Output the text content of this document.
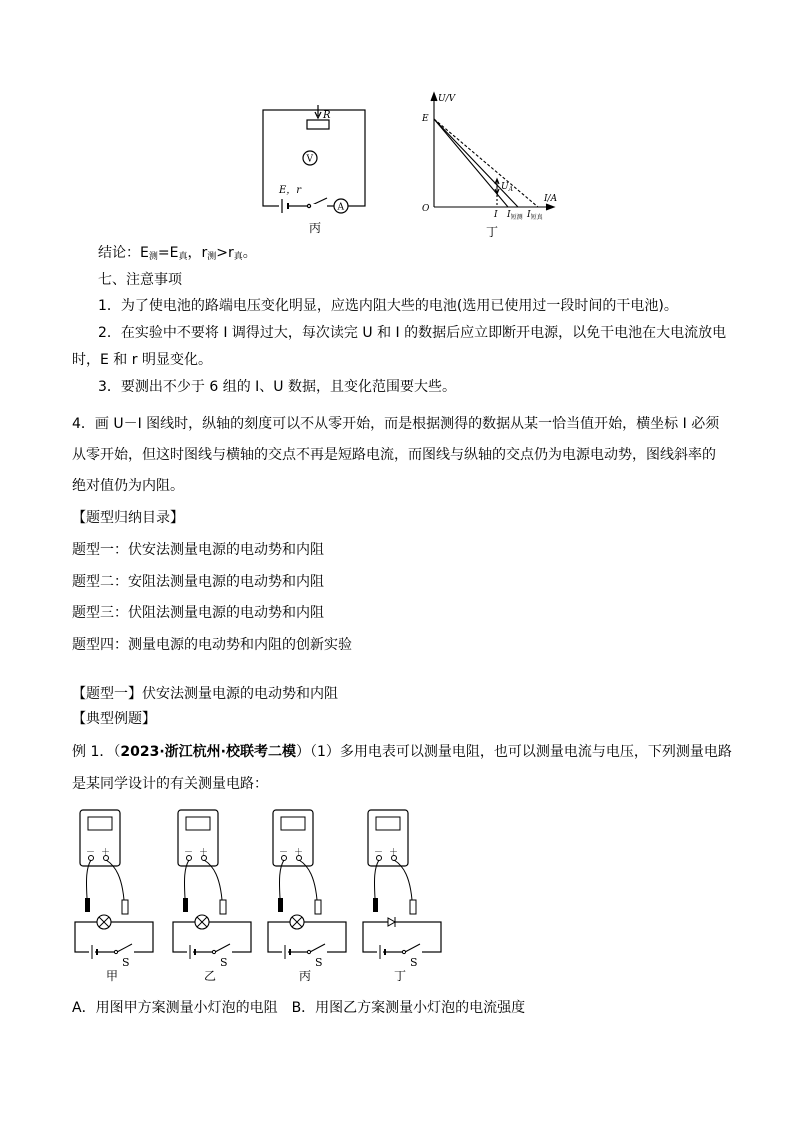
R
V
A
E，r
丙
U/V
I/A
O
E
I
$U_A$
$I_{短测}$ $I_{短真}$
丁
结论：$E_测=E_真$，$r_测>r_真$。
七、注意事项
1．为了使电池的路端电压变化明显，应选内阻大些的电池(选用已使用过一段时间的干电池)。
2．在实验中不要将 I 调得过大，每次读完 U 和 I 的数据后应立即断开电源，以免干电池在大电流放电
时，E 和 r 明显变化。
3．要测出不少于 6 组的 I、U 数据，且变化范围要大些。
4．画 U－I 图线时，纵轴的刻度可以不从零开始，而是根据测得的数据从某一恰当值开始，横坐标 I 必须
从零开始，但这时图线与横轴的交点不再是短路电流，而图线与纵轴的交点仍为电源电动势，图线斜率的
绝对值仍为内阻。
【题型归纳目录】
题型一：伏安法测量电源的电动势和内阻
题型二：安阻法测量电源的电动势和内阻
题型三：伏阻法测量电源的电动势和内阻
题型四：测量电源的电动势和内阻的创新实验
【题型一】伏安法测量电源的电动势和内阻
【典型例题】
例 1．（2023·浙江杭州·校联考二模）（1）多用电表可以测量电阻，也可以测量电流与电压，下列测量电路
是某同学设计的有关测量电路：
－ ＋
S
甲
－ ＋
S
乙
－ ＋
S
丙
－ ＋
S
丁
A．用图甲方案测量小灯泡的电阻　B．用图乙方案测量小灯泡的电流强度
